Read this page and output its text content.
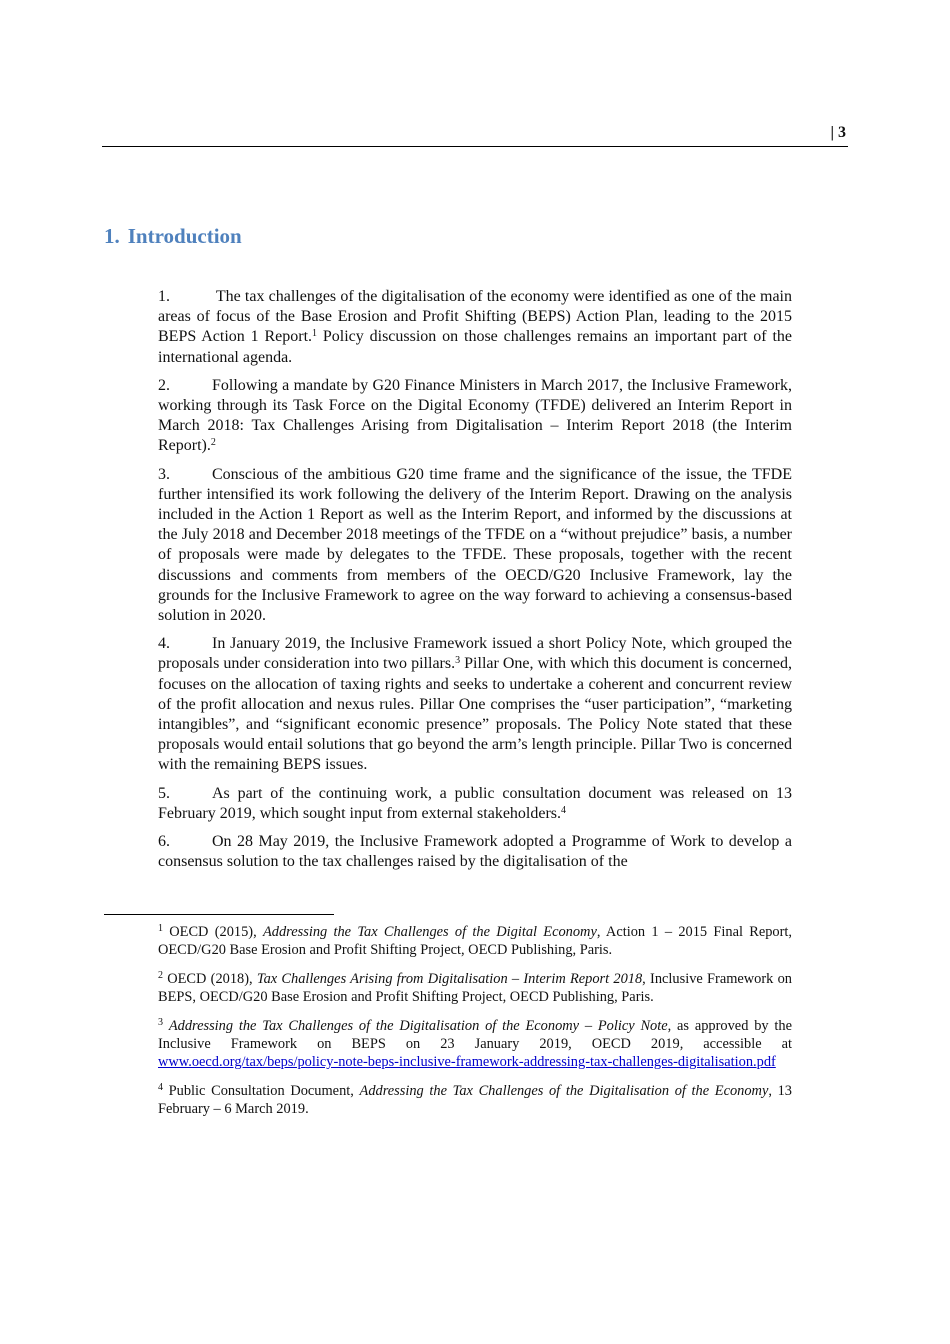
| 3
1. Introduction

1.	The tax challenges of the digitalisation of the economy were identified as one of the main areas of focus of the Base Erosion and Profit Shifting (BEPS) Action Plan, leading to the 2015 BEPS Action 1 Report.$^1$ Policy discussion on those challenges remains an important part of the international agenda.

2.	Following a mandate by G20 Finance Ministers in March 2017, the Inclusive Framework, working through its Task Force on the Digital Economy (TFDE) delivered an Interim Report in March 2018: Tax Challenges Arising from Digitalisation – Interim Report 2018 (the Interim Report).$^2$

3.	Conscious of the ambitious G20 time frame and the significance of the issue, the TFDE further intensified its work following the delivery of the Interim Report. Drawing on the analysis included in the Action 1 Report as well as the Interim Report, and informed by the discussions at the July 2018 and December 2018 meetings of the TFDE on a “without prejudice” basis, a number of proposals were made by delegates to the TFDE. These proposals, together with the recent discussions and comments from members of the OECD/G20 Inclusive Framework, lay the grounds for the Inclusive Framework to agree on the way forward to achieving a consensus-based solution in 2020.

4.	In January 2019, the Inclusive Framework issued a short Policy Note, which grouped the proposals under consideration into two pillars.$^3$ Pillar One, with which this document is concerned, focuses on the allocation of taxing rights and seeks to undertake a coherent and concurrent review of the profit allocation and nexus rules. Pillar One comprises the “user participation”, “marketing intangibles”, and “significant economic presence” proposals. The Policy Note stated that these proposals would entail solutions that go beyond the arm’s length principle. Pillar Two is concerned with the remaining BEPS issues.

5.	As part of the continuing work, a public consultation document was released on 13 February 2019, which sought input from external stakeholders.$^4$

6.	On 28 May 2019, the Inclusive Framework adopted a Programme of Work to develop a consensus solution to the tax challenges raised by the digitalisation of the

$^1$ OECD (2015), Addressing the Tax Challenges of the Digital Economy, Action 1 – 2015 Final Report, OECD/G20 Base Erosion and Profit Shifting Project, OECD Publishing, Paris.

$^2$ OECD (2018), Tax Challenges Arising from Digitalisation – Interim Report 2018, Inclusive Framework on BEPS, OECD/G20 Base Erosion and Profit Shifting Project, OECD Publishing, Paris.

$^3$ Addressing the Tax Challenges of the Digitalisation of the Economy – Policy Note, as approved by the Inclusive Framework on BEPS on 23 January 2019, OECD 2019, accessible at www.oecd.org/tax/beps/policy-note-beps-inclusive-framework-addressing-tax-challenges-digitalisation.pdf

$^4$ Public Consultation Document, Addressing the Tax Challenges of the Digitalisation of the Economy, 13 February – 6 March 2019.
